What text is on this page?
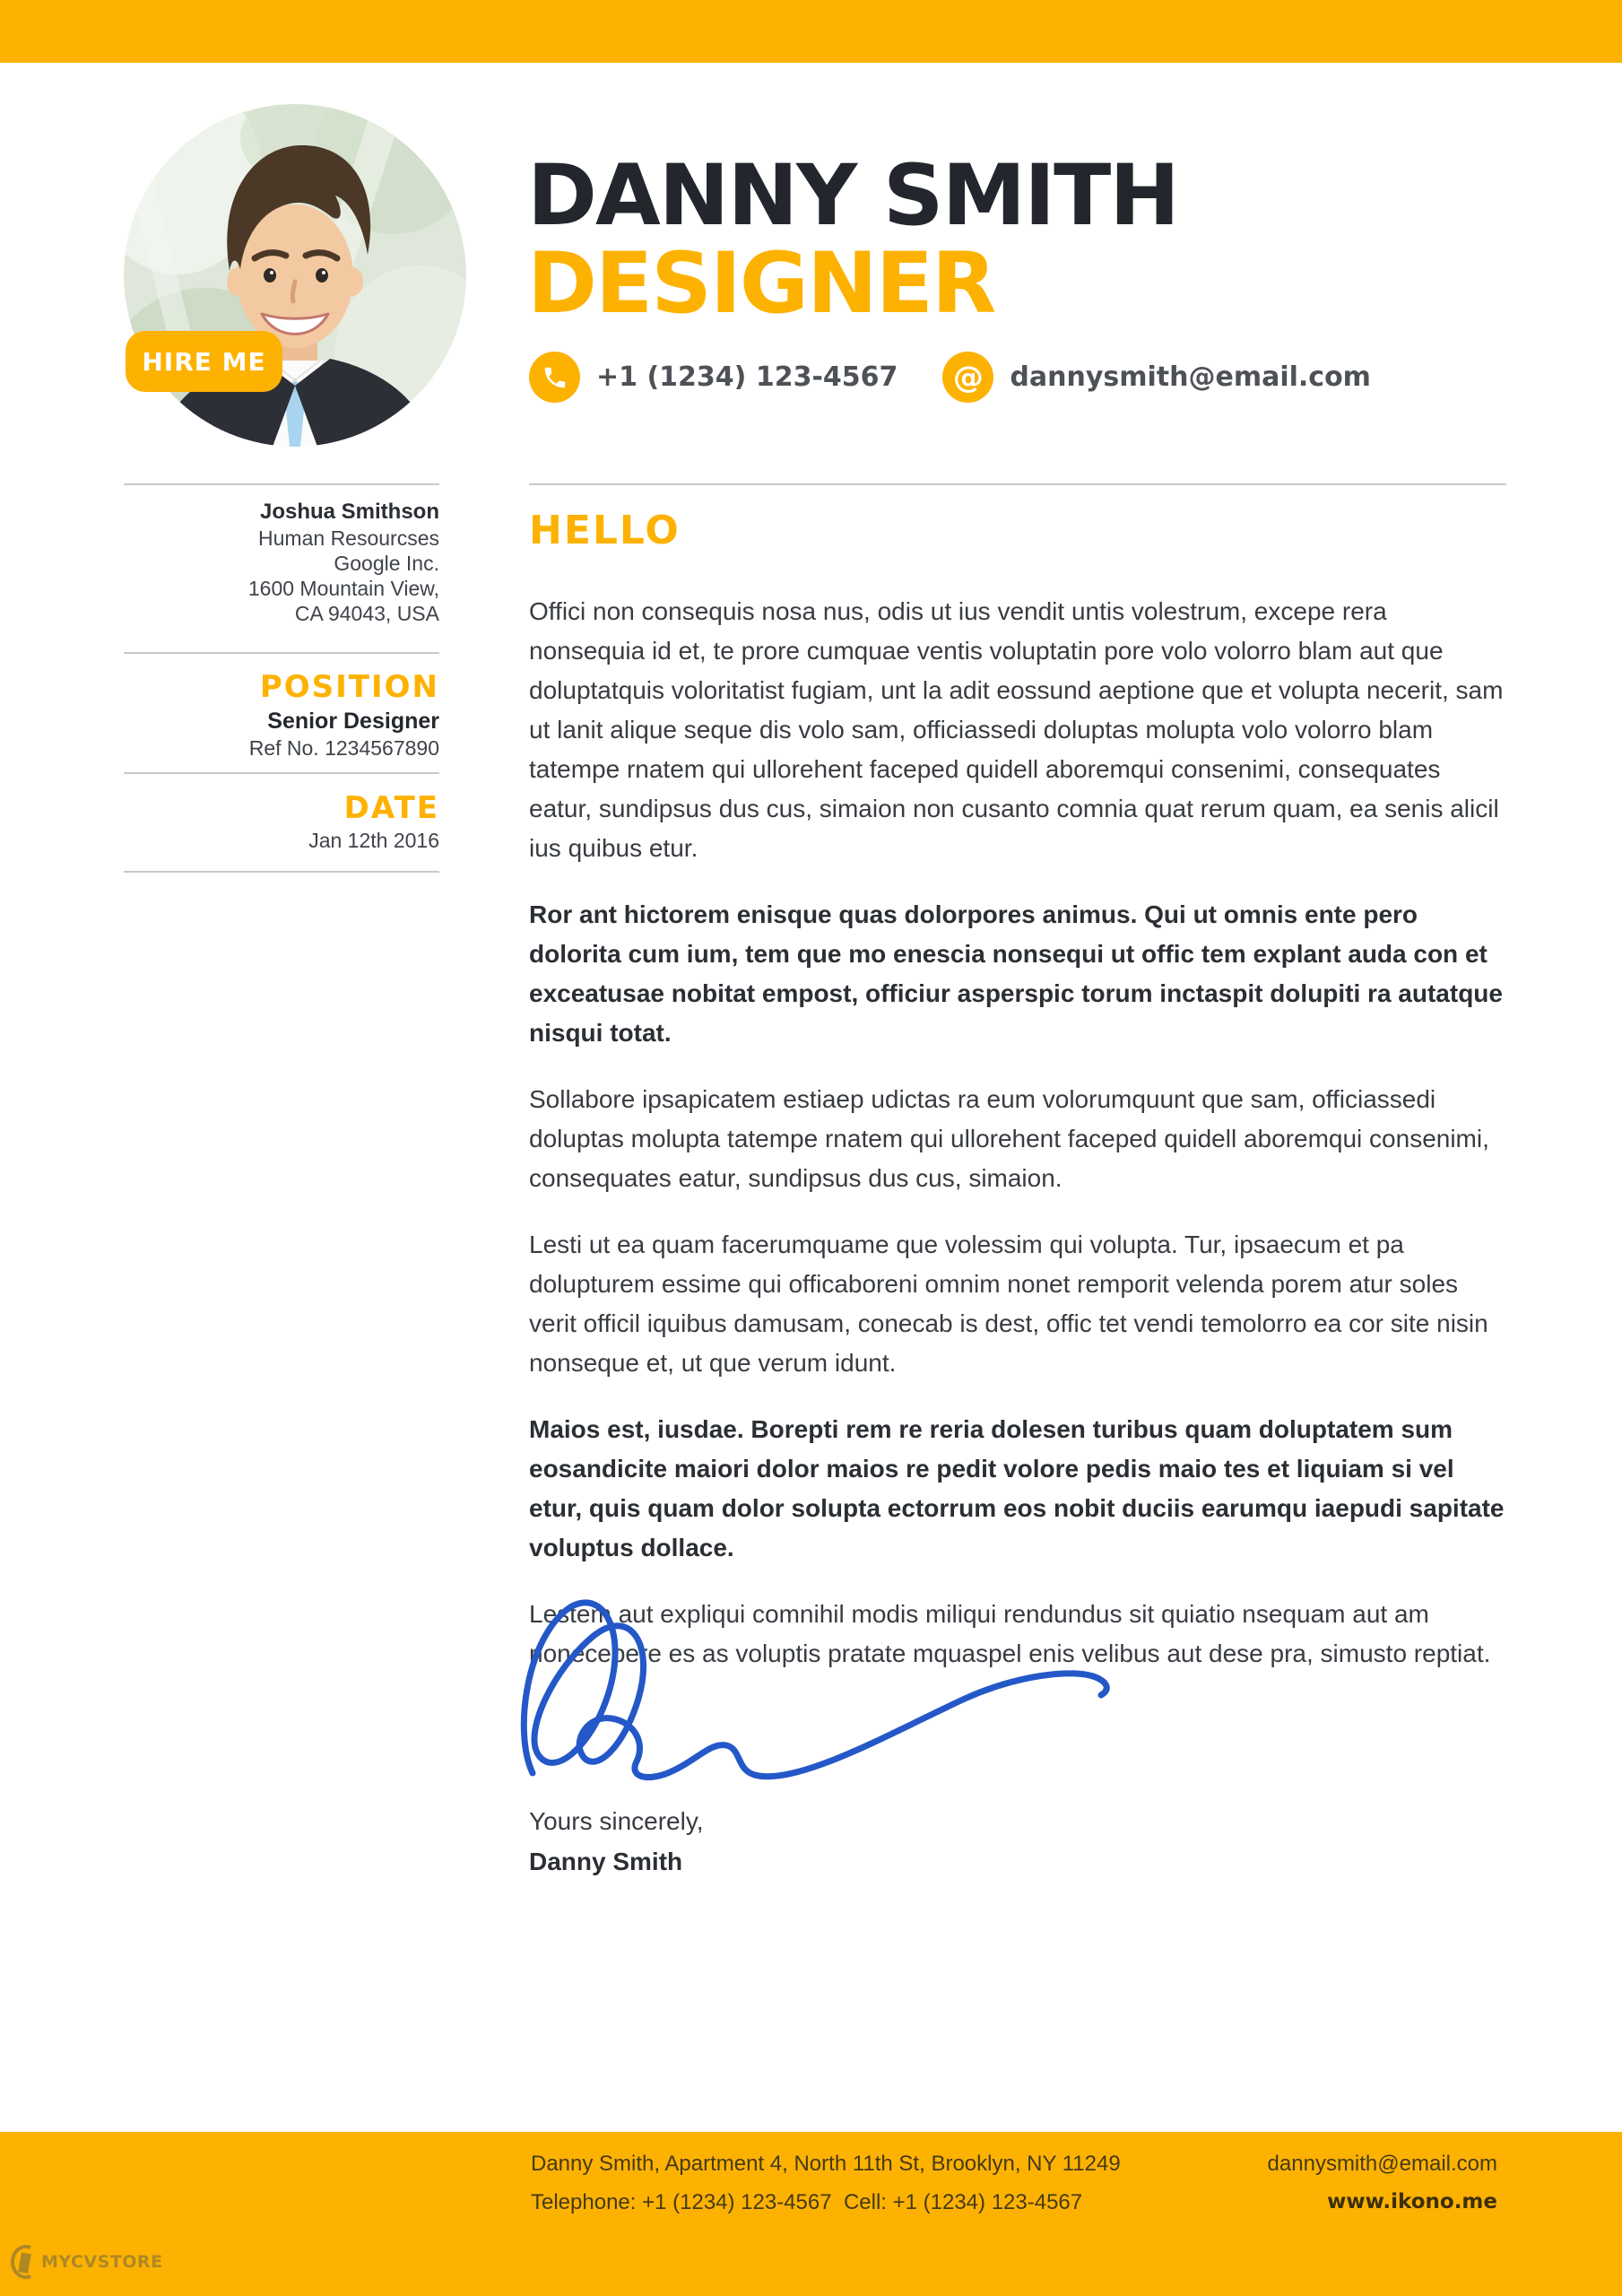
HIRE ME
DANNY SMITH
DESIGNER
+1 (1234) 123-4567	@ dannysmith@email.com
Joshua Smithson
Human Resourcses
Google Inc.
1600 Mountain View,
CA 94043, USA
POSITION
Senior Designer
Ref No. 1234567890
DATE
Jan 12th 2016
HELLO

Offici non consequis nosa nus, odis ut ius vendit untis volestrum, excepe rera nonsequia id et, te prore cumquae ventis voluptatin pore volo volorro blam aut que doluptatquis voloritatist fugiam, unt la adit eossund aeptione que et volupta necerit, sam ut lanit alique seque dis volo sam, officiassedi doluptas molupta volo volorro blam tatempe rnatem qui ullorehent faceped quidell aboremqui consenimi, consequates eatur, sundipsus dus cus, simaion non cusanto comnia quat rerum quam, ea senis alicil ius quibus etur.

Ror ant hictorem enisque quas dolorpores animus. Qui ut omnis ente pero dolorita cum ium, tem que mo enescia nonsequi ut offic tem explant auda con et exceatusae nobitat empost, officiur asperspic torum inctaspit dolupiti ra autatque nisqui totat.

Sollabore ipsapicatem estiaep udictas ra eum volorumquunt que sam, officiassedi doluptas molupta tatempe rnatem qui ullorehent faceped quidell aboremqui consenimi, consequates eatur, sundipsus dus cus, simaion.

Lesti ut ea quam facerumquame que volessim qui volupta. Tur, ipsaecum et pa dolupturem essime qui officaboreni omnim nonet remporit velenda porem atur soles verit officil iquibus damusam, conecab is dest, offic tet vendi temolorro ea cor site nisin nonseque et, ut que verum idunt.

Maios est, iusdae. Borepti rem re reria dolesen turibus quam doluptatem sum eosandicite maiori dolor maios re pedit volore pedis maio tes et liquiam si vel etur, quis quam dolor solupta ectorrum eos nobit duciis earumqu iaepudi sapitate voluptus dollace.

Lestem aut expliqui comnihil modis miliqui rendundus sit quiatio nsequam aut am nonecepere es as voluptis pratate mquaspel enis velibus aut dese pra, simusto reptiat.

Yours sincerely,
Danny Smith
Danny Smith, Apartment 4, North 11th St, Brooklyn, NY 11249
Telephone: +1 (1234) 123-4567  Cell: +1 (1234) 123-4567
dannysmith@email.com
www.ikono.me
MYCVSTORE
